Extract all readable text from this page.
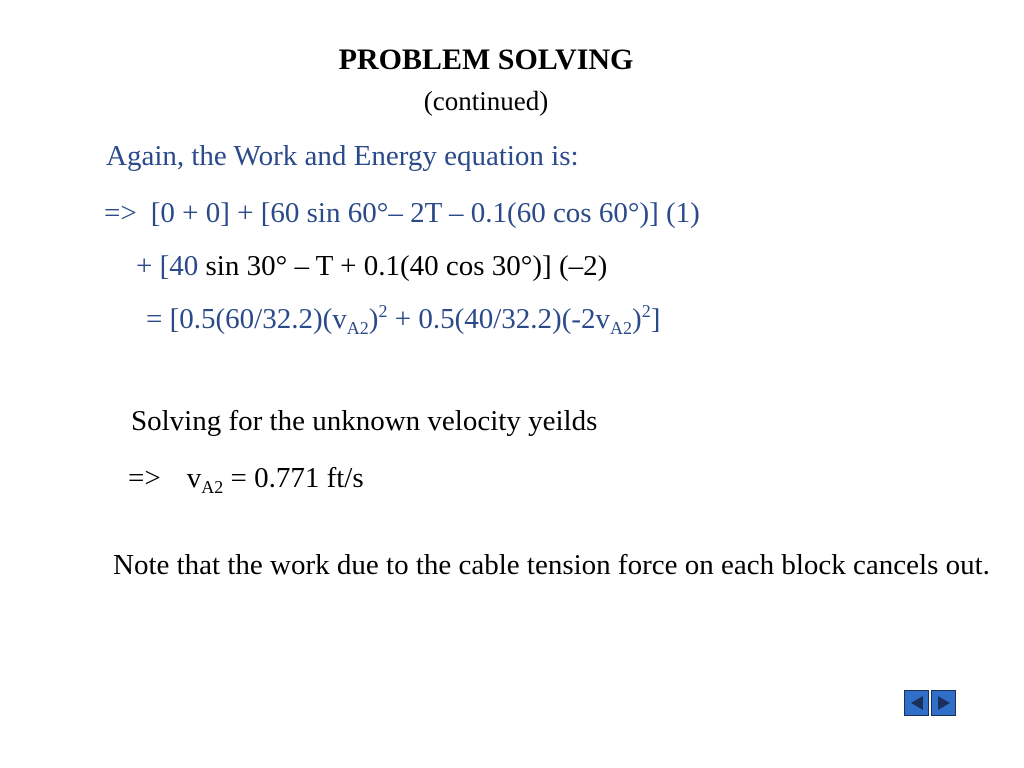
PROBLEM SOLVING
(continued)
Again, the Work and Energy equation is:
=> [0 + 0] + [60 sin 60°– 2T – 0.1(60 cos 60°)] (1)
+ [40 sin 30° – T + 0.1(40 cos 30°)] (–2)
= $[0.5(60/32.2)(v_{A2})^2 + 0.5(40/32.2)(-2v_{A2})^2]$
Solving for the unknown velocity yeilds
=> $v_{A2} = 0.771$ ft/s
Note that the work due to the cable tension force on each block cancels out.
